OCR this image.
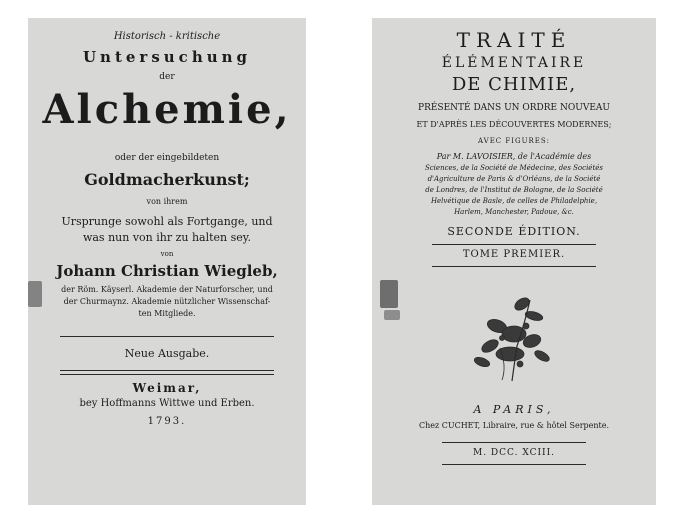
Historisch - kritische
Untersuchung
der
Alchemie,
oder der eingebildeten
Goldmacherkunst;
von ihrem
Ursprunge sowohl als Fortgange, und
was nun von ihr zu halten sey.
von
Johann Christian Wiegleb,
der Röm. Käyserl. Akademie der Naturforscher, und
der Churmaynz. Akademie nützlicher Wissenschaf-
ten Mitgliede.
Neue Ausgabe.
Weimar,
bey Hoffmanns Wittwe und Erben.
1793.
TRAITÉ
ÉLÉMENTAIRE
DE CHIMIE,
PRÉSENTÉ DANS UN ORDRE NOUVEAU
ET D'APRÈS LES DÉCOUVERTES MODERNES;
AVEC FIGURES:
Par M. LAVOISIER, de l'Académie des
Sciences, de la Société de Médecine, des Sociétés
d'Agriculture de Paris & d'Orléans, de la Société
de Londres, de l'Institut de Bologne, de la Société
Helvétique de Basle, de celles de Philadelphie,
Harlem, Manchester, Padoue, &c.
SECONDE ÉDITION.
TOME PREMIER.
A PARIS,
Chez CUCHET, Libraire, rue & hôtel Serpente.
M. DCC. XCIII.
